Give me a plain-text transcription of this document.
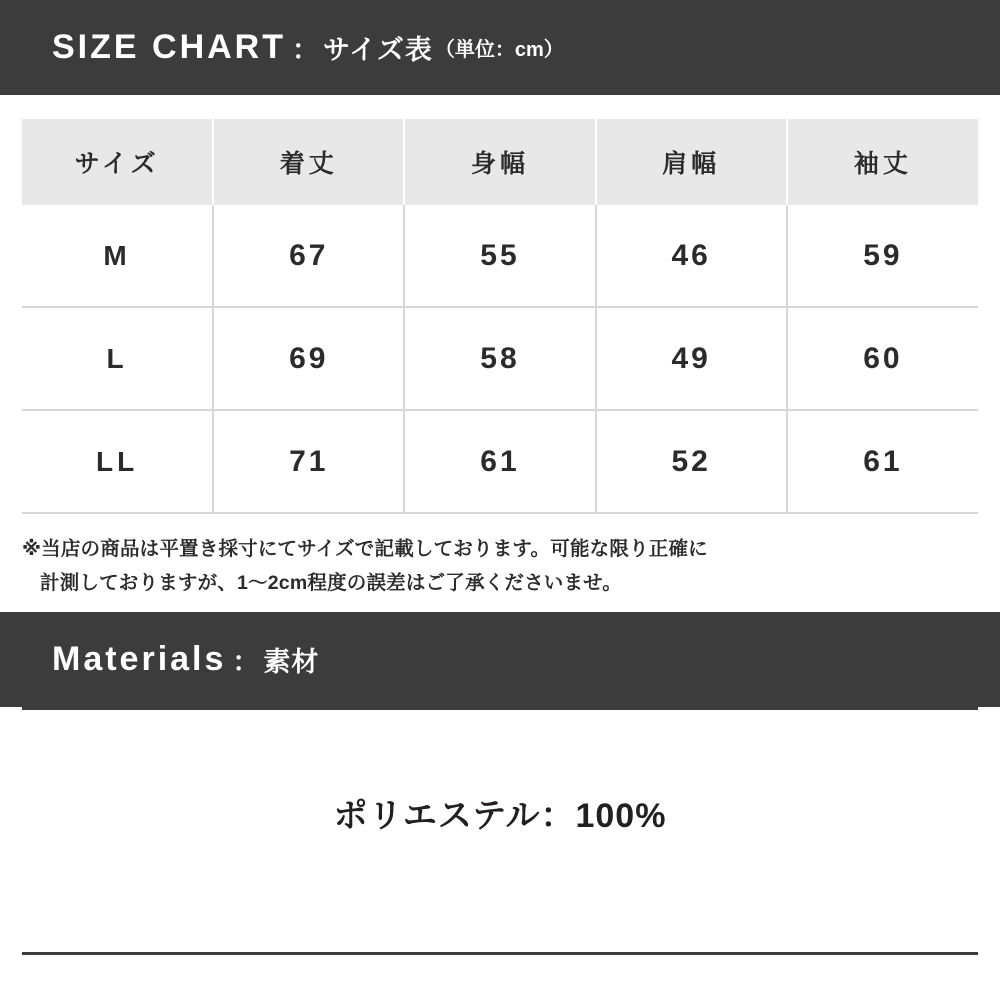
SIZE CHART ： サイズ表 （単位：cm）
サイズ	着丈	身幅	肩幅	袖丈
M	67	55	46	59
L	69	58	49	60
LL	71	61	52	61
※当店の商品は平置き採寸にてサイズで記載しております。可能な限り正確に
計測しておりますが、1〜2cm程度の誤差はご了承くださいませ。
Materials ： 素材
ポリエステル：100%
